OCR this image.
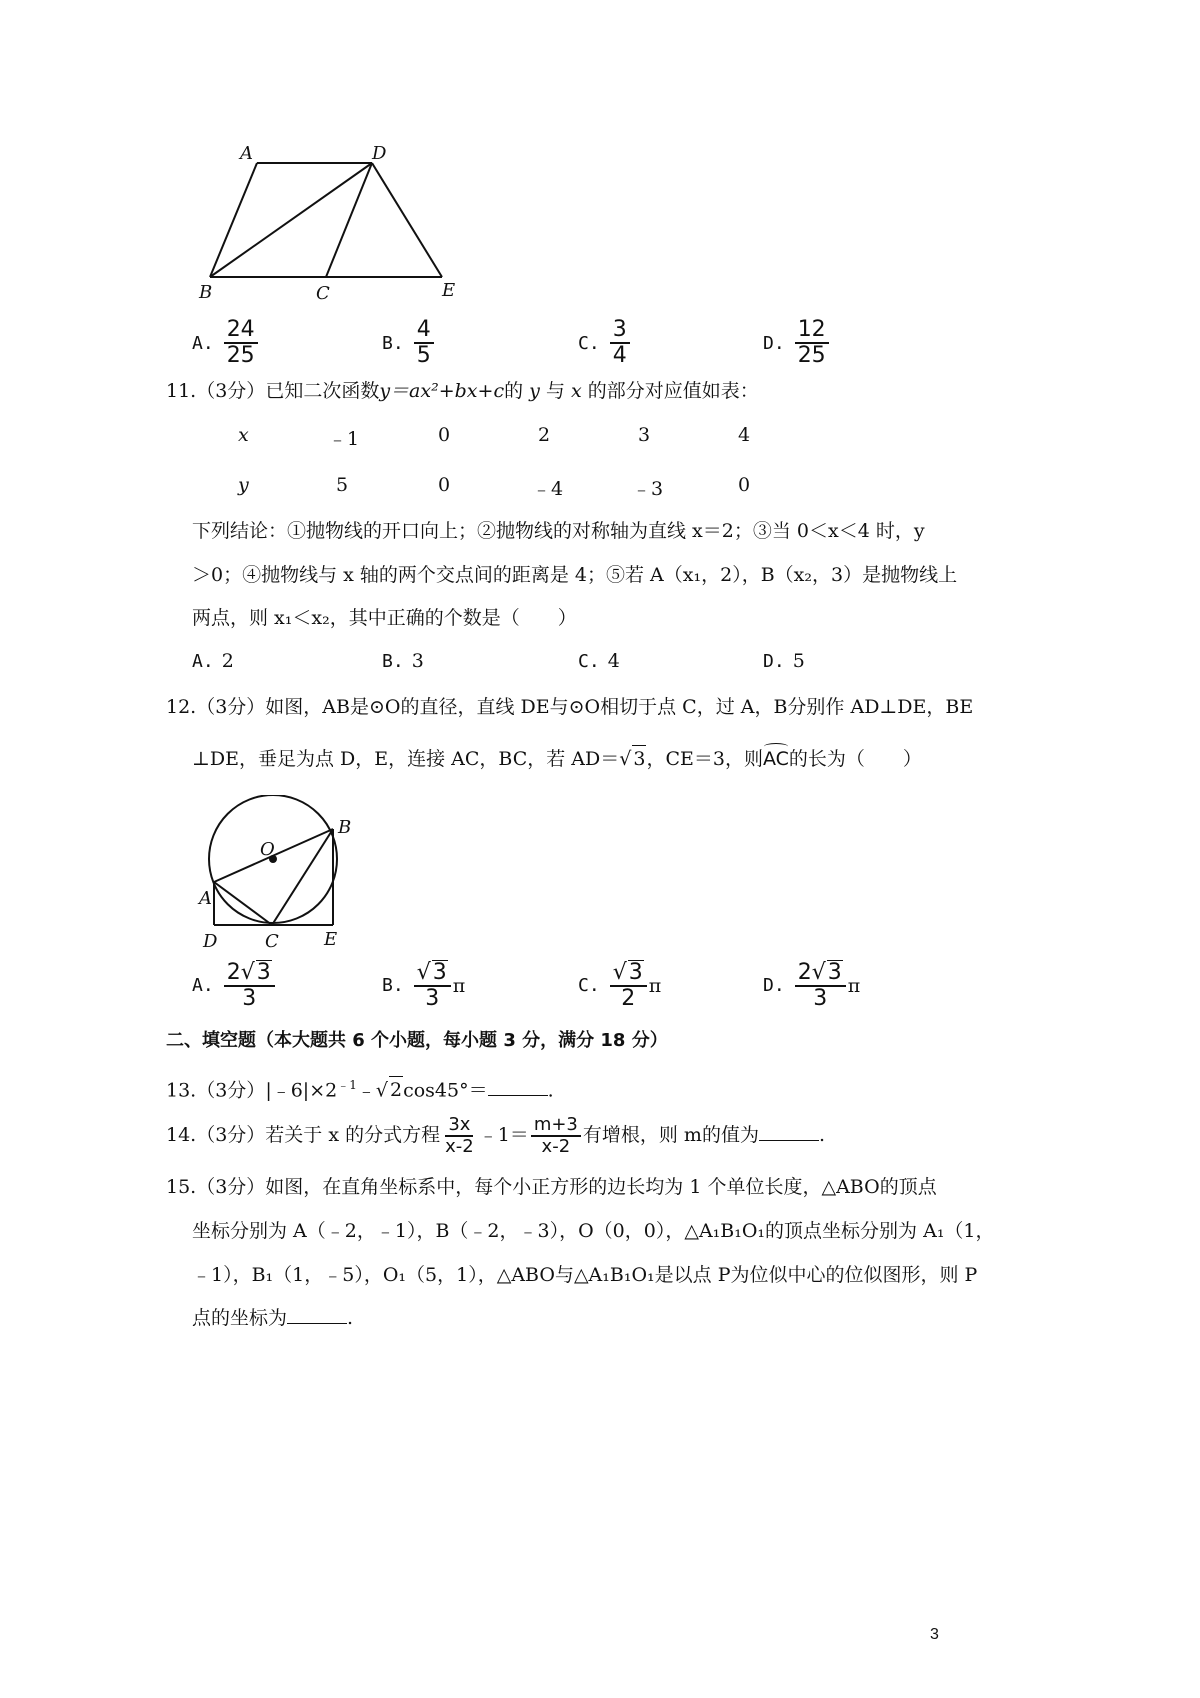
A	D
B	C	E
A. $\frac{24}{25}$	B. $\frac{4}{5}$	C. $\frac{3}{4}$	D. $\frac{12}{25}$
11.（3分）已知二次函数y＝ax²+bx+c的 y 与 x 的部分对应值如表：
x	﹣1	0	2	3	4
y	5	0	﹣4	﹣3	0
下列结论：①抛物线的开口向上；②抛物线的对称轴为直线 x＝2；③当 0＜x＜4 时，y
＞0；④抛物线与 x 轴的两个交点间的距离是 4；⑤若 A（x₁，2），B（x₂，3）是抛物线上
两点，则 x₁＜x₂，其中正确的个数是（　　）
A. 2	B. 3	C. 4	D. 5
12.（3分）如图，AB是⊙O的直径，直线 DE与⊙O相切于点 C，过 A，B分别作 AD⊥DE，BE
⊥DE，垂足为点 D，E，连接 AC，BC，若 AD＝√ 3，CE＝3，则AC的长为（　　）
O
A
B
D	C	E
A. $\frac{2√3}{3}$	B. $\frac{√3}{3}$ π	C. $\frac{√3}{2}$ π	D. $\frac{2√3}{3}$ π
二、填空题（本大题共 6 个小题，每小题 3 分，满分 18 分）
13.（3分）$|﹣6|\times 2^{﹣1}﹣√$ 2cos45°＝	.
14.（3分）若关于 x 的分式方程 $\frac{3x}{x-2}$ ﹣1＝ $\frac{m+3}{x-2}$ 有增根，则 m的值为	.
15.（3分）如图，在直角坐标系中，每个小正方形的边长均为 1 个单位长度，△ABO的顶点
坐标分别为 A（﹣2，﹣1），B（﹣2，﹣3），O（0，0），△A₁B₁O₁的顶点坐标分别为 A₁（1，
﹣1），B₁（1，﹣5），O₁（5，1），△ABO与△A₁B₁O₁是以点 P为位似中心的位似图形，则 P
点的坐标为	.
3
